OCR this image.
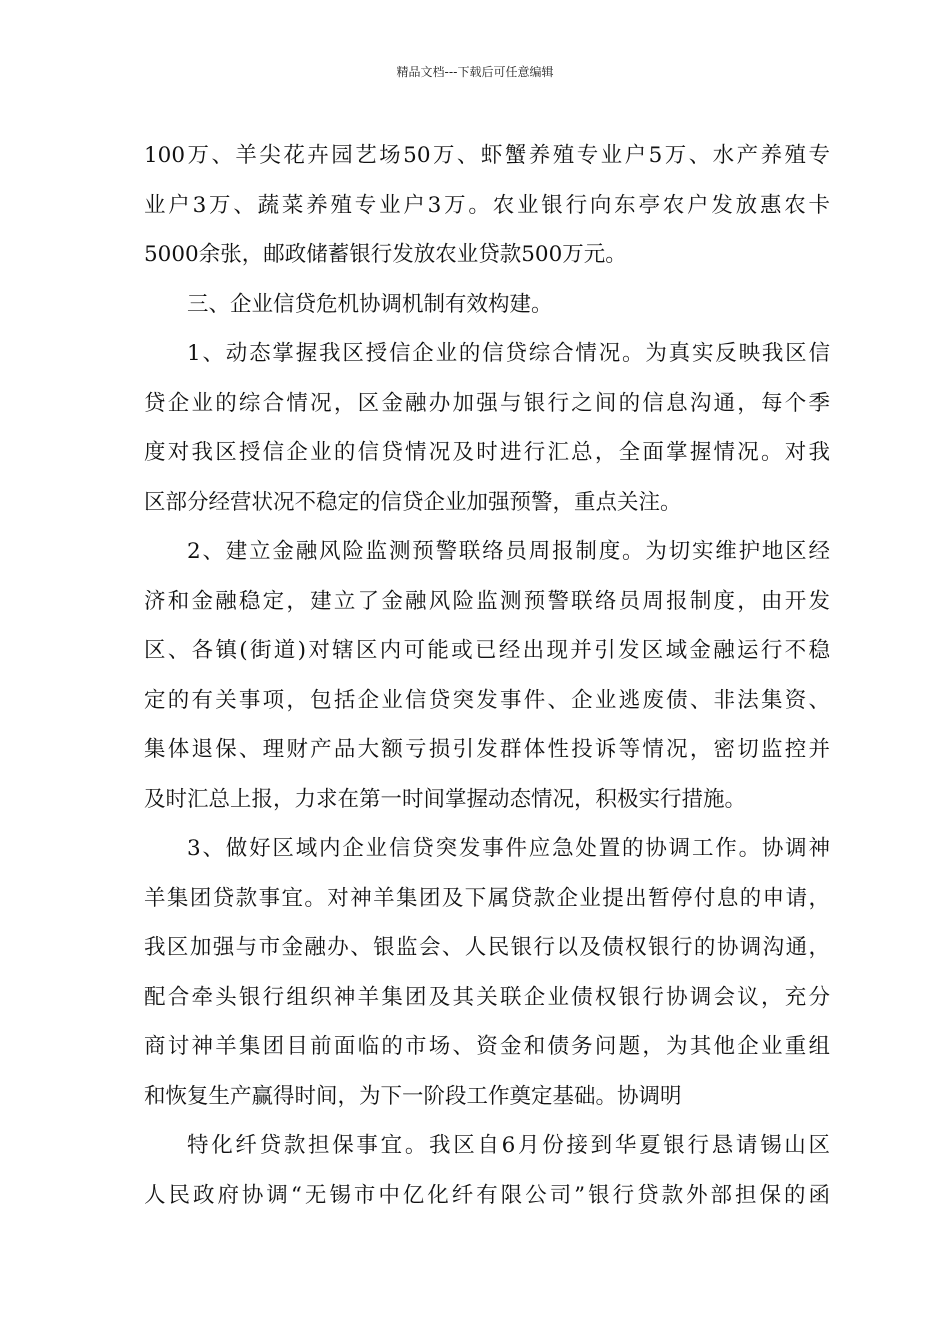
精品文档---下载后可任意编辑
100万、羊尖花卉园艺场50万、虾蟹养殖专业户5万、水产养殖专
业户3万、蔬菜养殖专业户3万。农业银行向东亭农户发放惠农卡
5000余张，邮政储蓄银行发放农业贷款500万元。
三、企业信贷危机协调机制有效构建。
1、动态掌握我区授信企业的信贷综合情况。为真实反映我区信
贷企业的综合情况，区金融办加强与银行之间的信息沟通，每个季
度对我区授信企业的信贷情况及时进行汇总，全面掌握情况。对我
区部分经营状况不稳定的信贷企业加强预警，重点关注。
2、建立金融风险监测预警联络员周报制度。为切实维护地区经
济和金融稳定，建立了金融风险监测预警联络员周报制度，由开发
区、各镇(街道)对辖区内可能或已经出现并引发区域金融运行不稳
定的有关事项，包括企业信贷突发事件、企业逃废债、非法集资、
集体退保、理财产品大额亏损引发群体性投诉等情况，密切监控并
及时汇总上报，力求在第一时间掌握动态情况，积极实行措施。
3、做好区域内企业信贷突发事件应急处置的协调工作。协调神
羊集团贷款事宜。对神羊集团及下属贷款企业提出暂停付息的申请，
我区加强与市金融办、银监会、人民银行以及债权银行的协调沟通，
配合牵头银行组织神羊集团及其关联企业债权银行协调会议，充分
商讨神羊集团目前面临的市场、资金和债务问题，为其他企业重组
和恢复生产赢得时间，为下一阶段工作奠定基础。协调明
特化纤贷款担保事宜。我区自6月份接到华夏银行恳请锡山区
人民政府协调“无锡市中亿化纤有限公司”银行贷款外部担保的函
